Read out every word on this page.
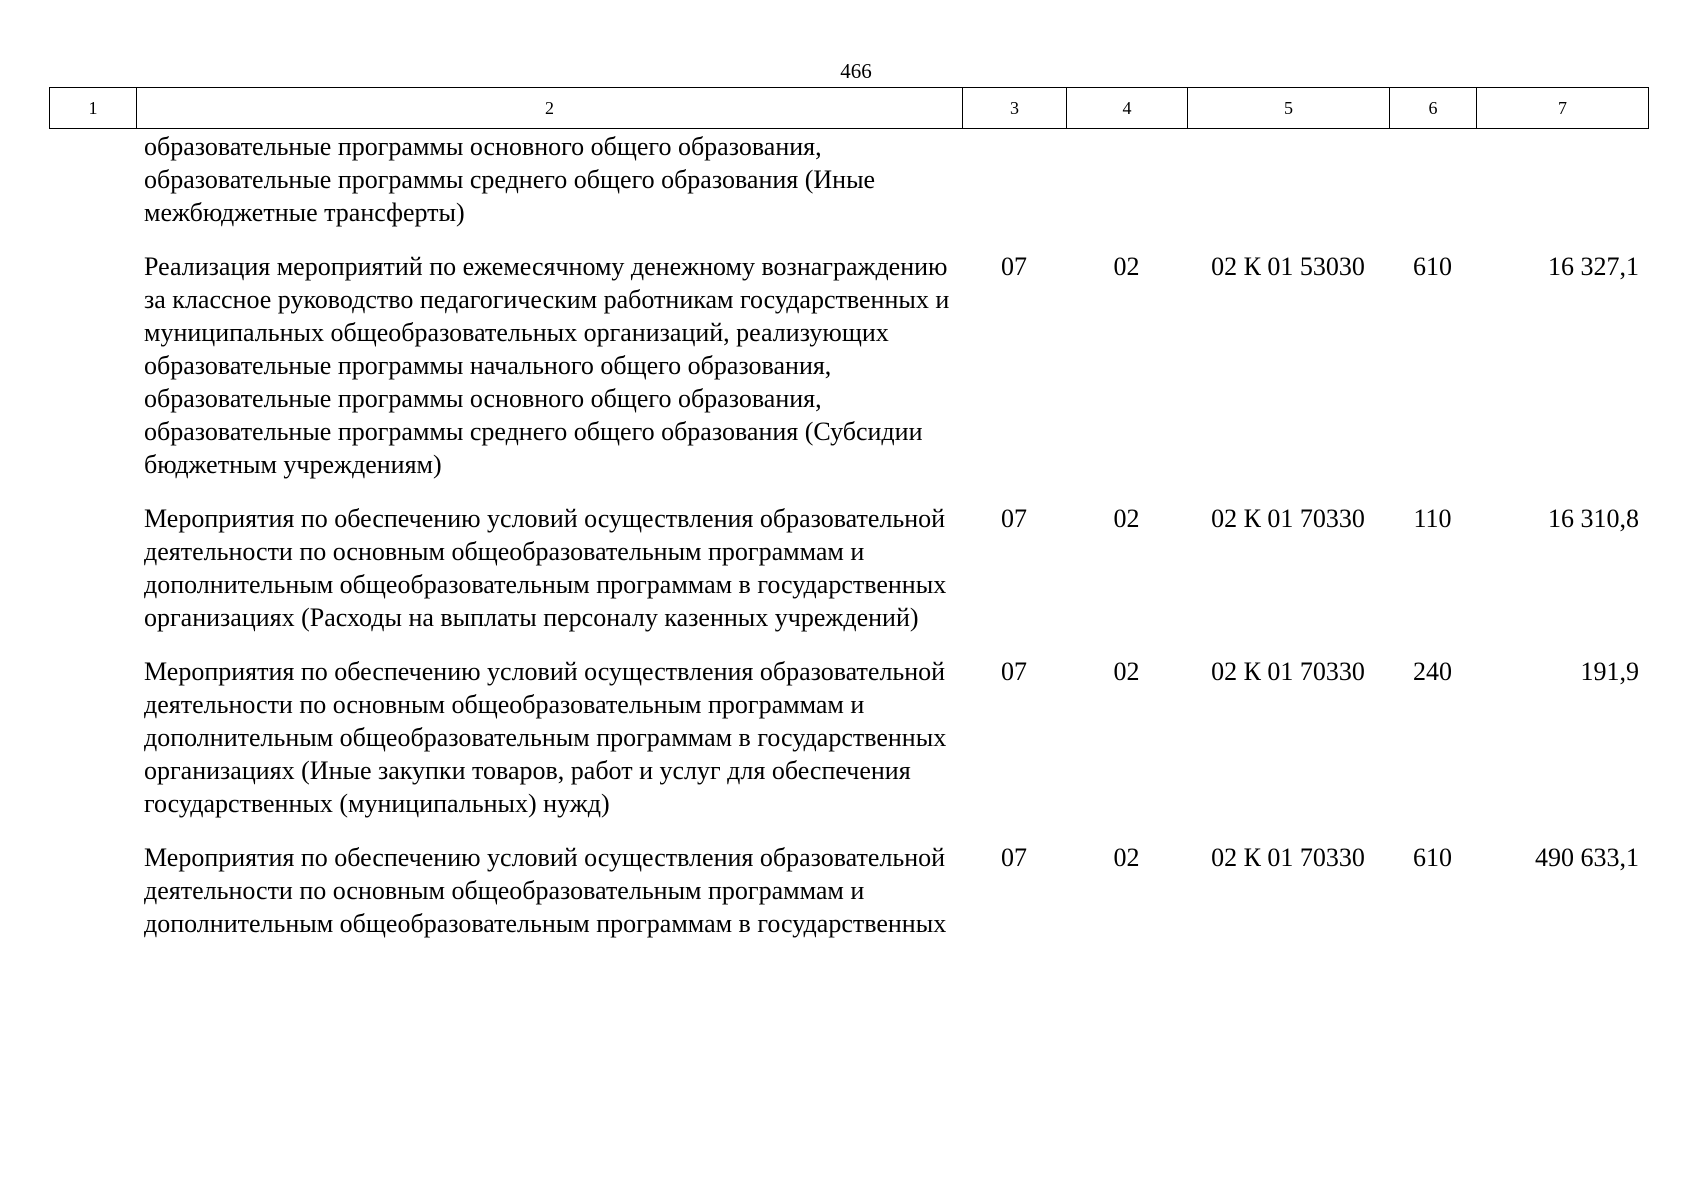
466
1	2	3	4	5	6	7
образовательные программы основного общего образования, образовательные программы среднего общего образования (Иные межбюджетные трансферты)					
Реализация мероприятий по ежемесячному денежному вознаграждению за классное руководство педагогическим работникам государственных и муниципальных общеобразовательных организаций, реализующих образовательные программы начального общего образования, образовательные программы основного общего образования, образовательные программы среднего общего образования (Субсидии бюджетным учреждениям)	07	02	02 К 01 53030	610	16 327,1
Мероприятия по обеспечению условий осуществления образовательной деятельности по основным общеобразовательным программам и дополнительным общеобразовательным программам в государственных организациях (Расходы на выплаты персоналу казенных учреждений)	07	02	02 К 01 70330	110	16 310,8
Мероприятия по обеспечению условий осуществления образовательной деятельности по основным общеобразовательным программам и дополнительным общеобразовательным программам в государственных организациях (Иные закупки товаров, работ и услуг для обеспечения государственных (муниципальных) нужд)	07	02	02 К 01 70330	240	191,9
Мероприятия по обеспечению условий осуществления образовательной деятельности по основным общеобразовательным программам и дополнительным общеобразовательным программам в государственных	07	02	02 К 01 70330	610	490 633,1
